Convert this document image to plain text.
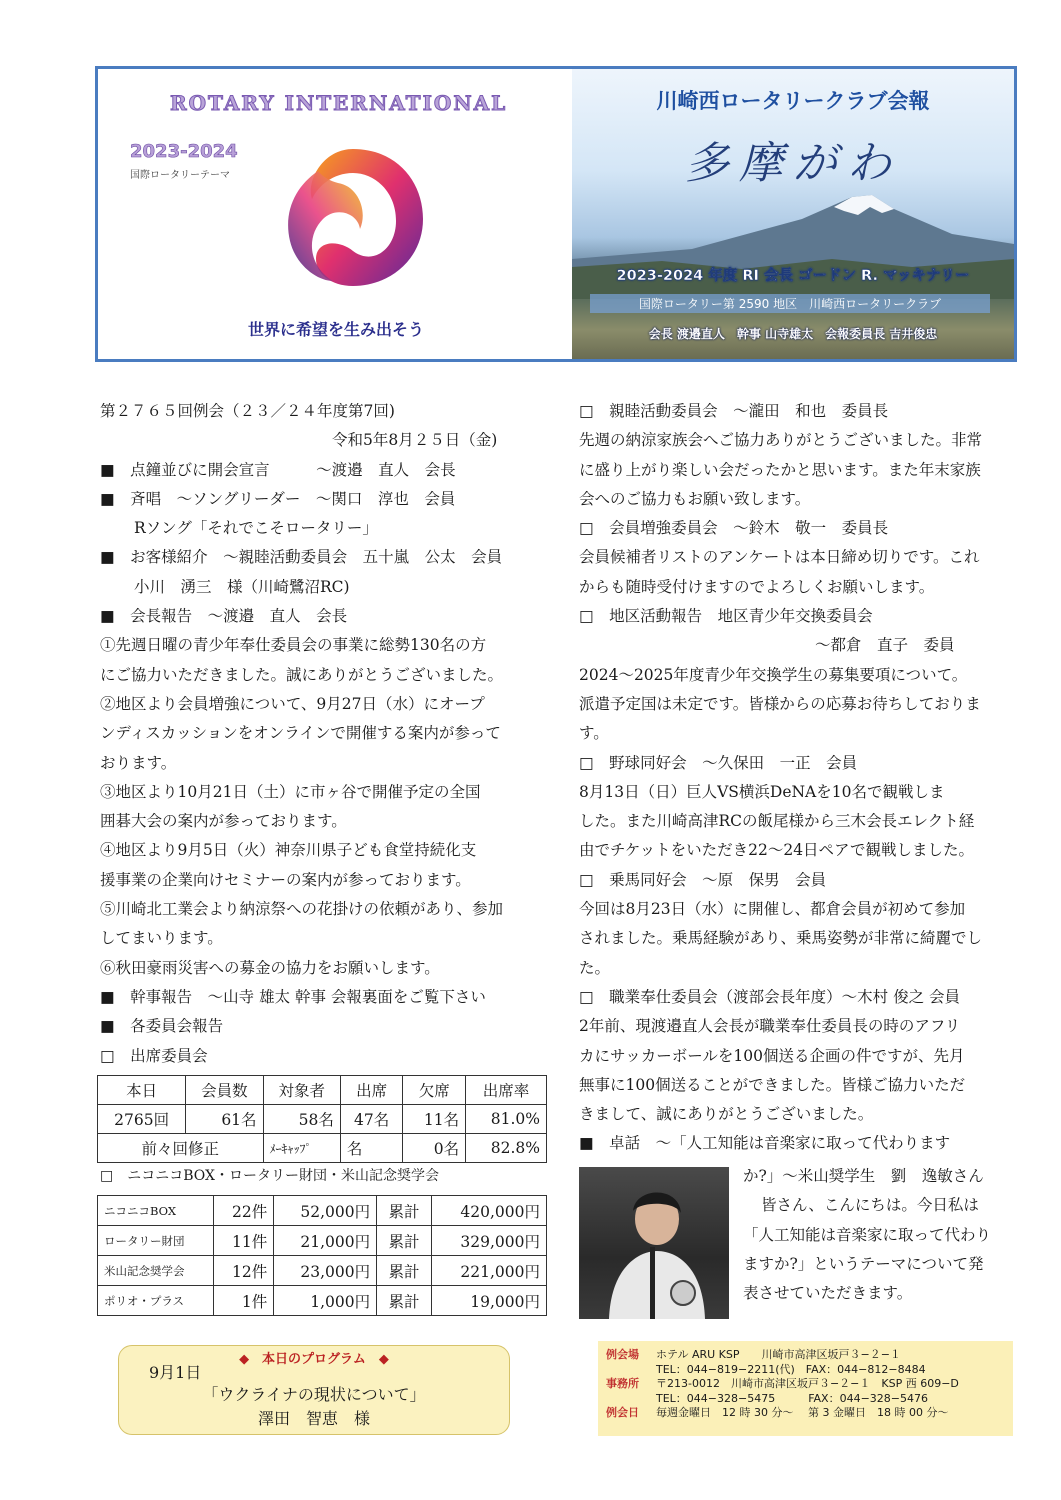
ROTARY INTERNATIONAL
2023-2024
国際ロータリーテーマ
世界に希望を生み出そう
川崎西ロータリークラブ会報
多摩がわ
2023-2024 年度 RI 会長 ゴードン R. マッキナリー
国際ロータリー第 2590 地区　川崎西ロータリークラブ
会長 渡邉直人　幹事 山寺雄太　会報委員長 吉井俊忠

第２７６５回例会（２３／２４年度第7回)

令和5年8月２５日（金)

■　点鐘並びに開会宣言　　　～渡邉　直人　会長

■　斉唱　～ソングリーダー　～関口　淳也　会員

Rソング「それでこそロータリー」

■　お客様紹介　～親睦活動委員会　五十嵐　公太　会員

小川　湧三　様（川崎鷺沼RC)

■　会長報告　～渡邉　直人　会長

①先週日曜の青少年奉仕委員会の事業に総勢130名の方

にご協力いただきました。誠にありがとうございました。

②地区より会員増強について、9月27日（水）にオープ

ンディスカッションをオンラインで開催する案内が参って

おります。

③地区より10月21日（土）に市ヶ谷で開催予定の全国

囲碁大会の案内が参っております。

④地区より9月5日（火）神奈川県子ども食堂持続化支

援事業の企業向けセミナーの案内が参っております。

⑤川崎北工業会より納涼祭への花掛けの依頼があり、参加

してまいります。

⑥秋田豪雨災害への募金の協力をお願いします。

■　幹事報告　～山寺 雄太 幹事 会報裏面をご覧下さい

■　各委員会報告

□　出席委員会

本日	会員数	対象者	出席	欠席	出席率
2765回	61名	58名	47名	11名	81.0%
前々回修正		ﾒｰｷｬｯﾌﾟ	名	0名	82.8%
□　ニコニコBOX・ロータリー財団・米山記念奨学会
ニコニコBOX	22件	52,000円	累計	420,000円
ロータリー財団	11件	21,000円	累計	329,000円
米山記念奨学会	12件	23,000円	累計	221,000円
ポリオ・プラス	1件	1,000円	累計	19,000円
◆　本日のプログラム　◆
9月1日
「ウクライナの現状について」
澤田　智恵　様

□　親睦活動委員会　～瀧田　和也　委員長

先週の納涼家族会へご協力ありがとうございました。非常

に盛り上がり楽しい会だったかと思います。また年末家族

会へのご協力もお願い致します。

□　会員増強委員会　～鈴木　敬一　委員長

会員候補者リストのアンケートは本日締め切りです。これ

からも随時受付けますのでよろしくお願いします。

□　地区活動報告　地区青少年交換委員会

～都倉　直子　委員

2024～2025年度青少年交換学生の募集要項について。

派遣予定国は未定です。皆様からの応募お待ちしておりま

す。

□　野球同好会　～久保田　一正　会員

8月13日（日）巨人VS横浜DeNAを10名で観戦しま

した。また川崎高津RCの飯尾様から三木会長エレクト経

由でチケットをいただき22～24日ペアで観戦しました。

□　乗馬同好会　～原　保男　会員

今回は8月23日（水）に開催し、都倉会員が初めて参加

されました。乗馬経験があり、乗馬姿勢が非常に綺麗でし

た。

□　職業奉仕委員会（渡部会長年度）～木村 俊之 会員

2年前、現渡邉直人会長が職業奉仕委員長の時のアフリ

カにサッカーボールを100個送る企画の件ですが、先月

無事に100個送ることができました。皆様ご協力いただ

きまして、誠にありがとうございました。

■　卓話　～「人工知能は音楽家に取って代わります

か?」～米山奨学生　劉　逸敏さん

皆さん、こんにちは。今日私は

「人工知能は音楽家に取って代わり

ますか?」というテーマについて発

表させていただきます。

例会場 ホテル ARU KSP　　川崎市高津区坂戸３−２−１

TEL：044−819−2211(代)　FAX：044−812−8484

事務所 〒213-0012　川崎市高津区坂戸３−２−１　KSP 西 609−D

TEL：044−328−5475　　　FAX：044−328−5476

例会日 毎週金曜日　12 時 30 分〜　 第 3 金曜日　18 時 00 分〜
